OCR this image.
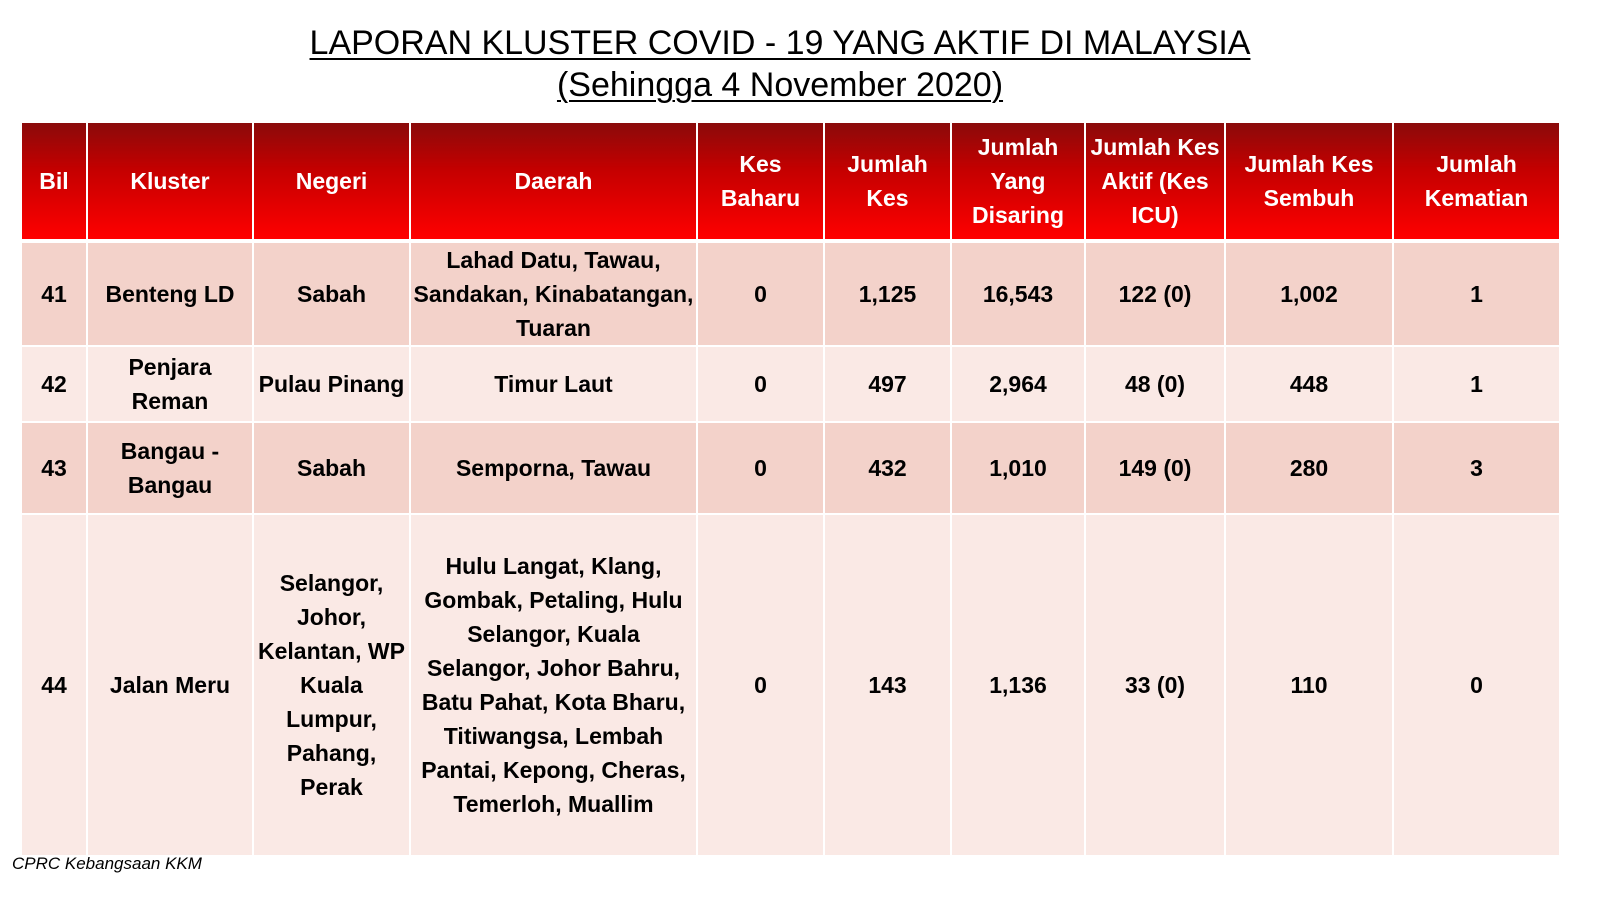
LAPORAN KLUSTER COVID - 19 YANG AKTIF DI MALAYSIA
(Sehingga 4 November 2020)
Bil	Kluster	Negeri	Daerah	Kes Baharu	Jumlah Kes	Jumlah Yang Disaring	Jumlah Kes Aktif (Kes ICU)	Jumlah Kes Sembuh	Jumlah Kematian
41	Benteng LD	Sabah	Lahad Datu, Tawau, Sandakan, Kinabatangan, Tuaran	0	1,125	16,543	122 (0)	1,002	1
42	Penjara Reman	Pulau Pinang	Timur Laut	0	497	2,964	48 (0)	448	1
43	Bangau - Bangau	Sabah	Semporna, Tawau	0	432	1,010	149 (0)	280	3
44	Jalan Meru	Selangor, Johor, Kelantan, WP Kuala Lumpur, Pahang, Perak	Hulu Langat, Klang, Gombak, Petaling, Hulu Selangor, Kuala Selangor, Johor Bahru, Batu Pahat, Kota Bharu, Titiwangsa, Lembah Pantai, Kepong, Cheras, Temerloh, Muallim	0	143	1,136	33 (0)	110	0
CPRC Kebangsaan KKM
